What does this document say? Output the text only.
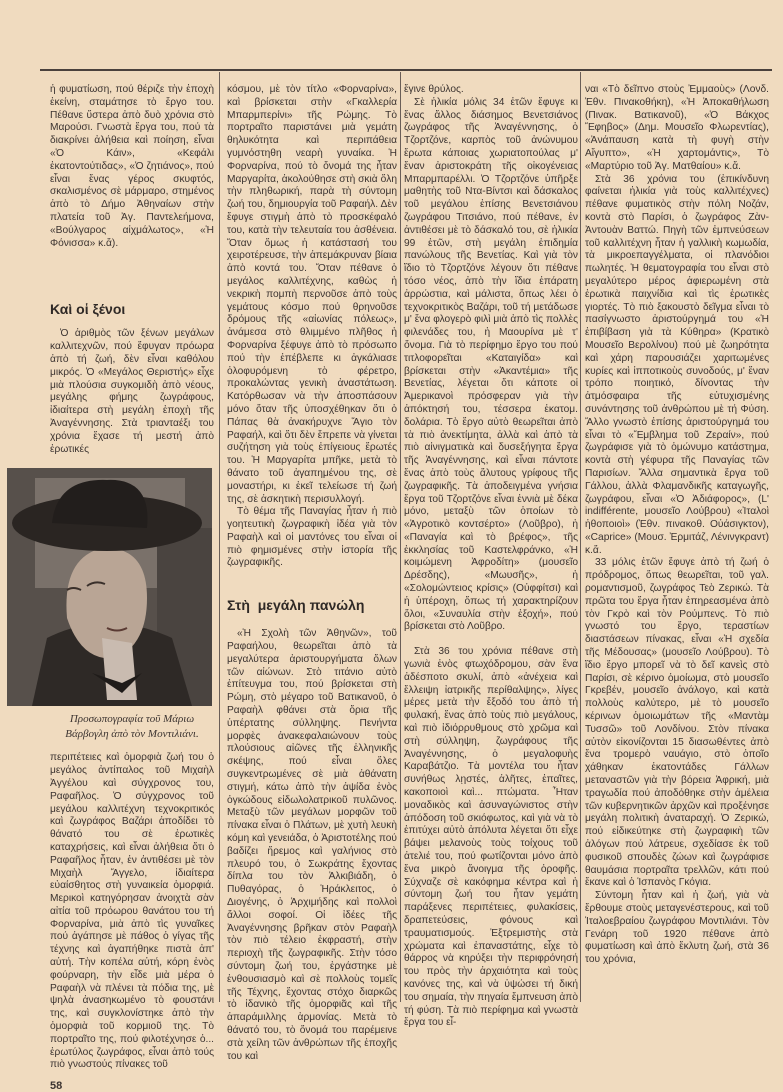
ἡ φυματίωση, πού θέριζε τὴν ἐποχὴ ἐκείνη, σταμάτησε τὸ ἔργο του. Πέθανε ὕστερα ἀπὸ δυὸ χρόνια στὸ Μαρούσι. Γνωστὰ ἔργα του, πού τὰ διακρίνει ἀλήθεια καὶ ποίηση, εἶναι «Ὁ Κάιν», «Κεφάλι ἑκατοντούτιδας», «Ὁ ζητιάνος», πού εἶναι ἕνας γέρος σκυφτός, σκαλισμένος σὲ μάρμαρο, στημένος ἀπὸ τὸ Δήμο Ἀθηναίων στὴν πλατεία τοῦ Ἀγ. Παντελεήμονα, «Βούλγαρος αἰχμάλωτος», «Ἡ Φόνισσα» κ.ἄ).

Καὶ οἱ ξένοι

Ὁ ἀριθμὸς τῶν ξένων μεγάλων καλλιτεχνῶν, πού ἔφυγαν πρόωρα ἀπὸ τή ζωή, δὲν εἶναι καθόλου μικρός. Ὁ «Μεγάλος Θεριστής» εἶχε μιὰ πλούσια συγκομιδὴ ἀπὸ νέους, μεγάλης φήμης ζωγράφους, ἰδιαίτερα στὴ μεγάλη ἐποχὴ τῆς Ἀναγέννησης. Στὰ τριανταέξι του χρόνια ἔχασε τή μεστή ἀπὸ ἐρωτικές

Προσωπογραφία τοῦ Μάριω Βάρβογλη ἀπὸ τὸν Μοντιλιάνι.

περιπέτειες καὶ ὀμορφιὰ ζωή του ὁ μεγάλος ἀντίπαλος τοῦ Μιχαὴλ Ἀγγέλου καὶ σύγχρονος του, Ραφαῆλος. Ὁ σύγχρονος τοῦ μεγάλου καλλιτέχνη τεχνοκριτικός καὶ ζωγράφος Βαζάρι ἀποδίδει τὸ θάνατό του σὲ ἐρωτικὲς καταχρήσεις, καὶ εἶναι ἀλήθεια ὅτι ὁ Ραφαῆλος ἦταν, ἐν ἀντιθέσει μὲ τὸν Μιχαὴλ Ἄγγελο, ἰδιαίτερα εὐαίσθητος στὴ γυναικεία ὀμορφιά. Μερικοὶ κατηγόρησαν ἀνοιχτὰ σὰν αἰτία τοῦ πρόωρου θανάτου του τή Φορναρίνα, μιὰ ἀπὸ τὶς γυναῖκες πού ἀγάπησε μὲ πάθος ὁ γίγας τῆς τέχνης καὶ ἀγαπήθηκε πιστὰ ἀπ' αὐτή. Τὴν κοπέλα αὐτή, κόρη ἑνὸς φούρναρη, τὴν εἶδε μιὰ μέρα ὁ Ραφαὴλ νὰ πλένει τὰ πόδια της, μὲ ψηλὰ ἀνασηκωμένο τὸ φουστάνι της, καὶ συγκλονίστηκε ἀπὸ τὴν ὀμορφιὰ τοῦ κορμιοῦ της. Τὸ πορτραῖτο της, πού φιλοτέχνησε ὁ... ἐρωτύλος ζωγράφος, εἶναι ἀπὸ τούς πιὸ γνωστούς πίνακες τοῦ

58

κόσμου, μὲ τὸν τίτλο «Φορναρίνα», καὶ βρίσκεται στὴν «Γκαλλερία Μπαρμπερίνι» τῆς Ρώμης. Τὸ πορτραῖτο παριστάνει μιὰ γεμάτη θηλυκότητα καὶ περιπάθεια γυμνόστηθη νεαρὴ γυναίκα. Ἡ Φορναρίνα, πού τὸ ὄνομά της ἦταν Μαργαρίτα, ἀκολούθησε στὴ σκιὰ ὅλη τὴν πληθωρική, παρὰ τὴ σύντομη ζωή του, δημιουργία τοῦ Ραφαήλ. Δὲν ἔφυγε στιγμὴ ἀπὸ τὸ προσκέφαλό του, κατὰ τὴν τελευταία του ἀσθένεια. Ὅταν ὅμως ἡ κατάστασή του χειροτέρευσε, τὴν ἀπεμάκρυναν βίαια ἀπὸ κοντά του. Ὅταν πέθανε ὁ μεγάλος καλλιτέχνης, καθὼς ἡ νεκρικὴ πομπὴ περνοῦσε ἀπὸ τοὺς γεμάτους κόσμο πού θρηνοῦσε δρόμους τῆς «αἰωνίας πόλεως», ἀνάμεσα στὸ θλιμμένο πλῆθος ἡ Φορναρίνα ξέφυγε ἀπὸ τὸ πρόσωπο πού τὴν ἐπέβλεπε κι ἀγκάλιασε ὀλοφυρόμενη τὸ φέρετρο, προκαλώντας γενικὴ ἀναστάτωση. Κατόρθωσαν νὰ τὴν ἀποσπάσουν μόνο ὅταν τῆς ὑποσχέθηκαν ὅτι ὁ Πάπας θὰ ἀνακήρυχνε Ἅγιο τὸν Ραφαήλ, καὶ ὅτι δὲν ἔπρεπε νὰ γίνεται συζήτηση γιὰ τοὺς ἐπίγειους ἔρωτές του. Ἡ Μαργαρίτα μπῆκε, μετὰ τὸ θάνατο τοῦ ἀγαπημένου της, σὲ μοναστήρι, κι ἐκεῖ τελείωσε τή ζωή της, σὲ ἀσκητικὴ περισυλλογή.

Τὸ θέμα τῆς Παναγίας ἦταν ἡ πιὸ γοητευτικὴ ζωγραφικὴ ἰδέα γιὰ τὸν Ραφαὴλ καὶ οἱ μαντόνες του εἶναι οἱ πιὸ φημισμένες στὴν ἱστορία τῆς ζωγραφικῆς.

Στὴ  μεγάλη πανώλη

«Ἡ Σχολὴ τῶν Ἀθηνῶν», τοῦ Ραφαήλου, θεωρεῖται ἀπὸ τὰ μεγαλύτερα ἀριστουργήματα ὅλων τῶν αἰώνων. Στὸ τιτάνιο αὐτὸ ἐπίτευγμα του, πού βρίσκεται στὴ Ρώμη, στὸ μέγαρο τοῦ Βατικανοῦ, ὁ Ραφαὴλ φθάνει στὰ ὅρια τῆς ὑπέρτατης σύλληψης. Πενήντα μορφὲς ἀνακεφαλαιώνουν τοὺς πλούσιους αἰῶνες τῆς ἑλληνικῆς σκέψης, πού εἶναι ὅλες συγκεντρωμένες σὲ μιὰ ἀθάνατη στιγμή, κάτω ἀπὸ τὴν ἀψίδα ἑνὸς ὀγκώδους εἰδωλολατρικοῦ πυλῶνος. Μεταξὺ τῶν μεγάλων μορφῶν τοῦ πίνακα εἶναι ὁ Πλάτων, μὲ χυτὴ λευκὴ κόμη καὶ γενειάδα, ὁ Ἀριστοτέλης πού βαδίζει ἤρεμος καὶ γαλήνιος στὸ πλευρό του, ὁ Σωκράτης ἔχοντας δίπλα του τὸν Ἀλκιβιάδη, ὁ Πυθαγόρας, ὁ Ἡράκλειτος, ὁ Διογένης, ὁ Ἀρχιμήδης καὶ πολλοὶ ἄλλοι σοφοί. Οἱ ἰδέες τῆς Ἀναγέννησης βρῆκαν στὸν Ραφαὴλ τὸν πιὸ τέλειο ἐκφραστή, στὴν περιοχὴ τῆς ζωγραφικῆς. Στὴν τόσο σύντομη ζωή του, ἐργάστηκε μὲ ἐνθουσιασμὸ καὶ σὲ πολλοὺς τομεῖς τῆς Τέχνης, ἔχοντας στόχο διαρκῶς τὸ ἰδανικὸ τῆς ὀμορφιᾶς καὶ τῆς ἀπαράμιλλης ἁρμονίας. Μετὰ τὸ θάνατό του, τὸ ὄνομά του παρέμεινε στὰ χείλη τῶν ἀνθρώπων τῆς ἐποχῆς του καὶ

ἔγινε θρύλος.

Σὲ ἡλικία μόλις 34 ἐτῶν ἔφυγε κι ἕνας ἄλλος διάσημος Βενετσιάνος ζωγράφος τῆς Ἀναγέννησης, ὁ Τζορτζόνε, καρπὸς τοῦ ἀνώνυμου ἔρωτα κάποιας χωριατοπούλας μ' ἕναν ἀριστοκράτη τῆς οἰκογένειας Μπαρμπαρέλλι. Ὁ Τζορτζόνε ὑπῆρξε μαθητὴς τοῦ Ντα-Βίντσι καὶ δάσκαλος τοῦ μεγάλου ἐπίσης Βενετσιάνου ζωγράφου Τιτσιάνο, πού πέθανε, ἐν ἀντιθέσει μὲ τὸ δάσκαλό του, σὲ ἡλικία 99 ἐτῶν, στὴ μεγάλη ἐπιδημία πανώλους τῆς Βενετίας. Καὶ γιὰ τὸν ἴδιο τὸ Τζορτζόνε λέγουν ὅτι πέθανε τόσο νέος, ἀπὸ τὴν ἴδια ἐπάρατη ἀρρώστια, καὶ μάλιστα, ὅπως λέει ὁ τεχνοκριτικὸς Βαζάρι, τοῦ τή μετάδωσε μ' ἕνα φλογερὸ φιλὶ μιὰ ἀπὸ τὶς πολλὲς φιλενάδες του, ἡ Μαουρίνα μὲ τ' ὄνομα. Γιὰ τὸ περίφημο ἔργο του πού τιτλοφορεῖται «Καταιγίδα» καὶ βρίσκεται στὴν «Ἀκαντέμια» τῆς Βενετίας, λέγεται ὅτι κάποτε οἱ Ἀμερικανοὶ πρόσφεραν γιὰ τὴν ἀπόκτησή του, τέσσερα ἑκατομ. δολάρια. Τὸ ἔργο αὐτὸ θεωρεῖται ἀπὸ τὰ πιὸ ἀνεκτίμητα, ἀλλὰ καὶ ἀπὸ τὰ πιὸ αἰνιγματικὰ καὶ δυσεξήγητα ἔργα τῆς Ἀναγέννησης, καὶ εἶναι πάντοτε ἕνας ἀπὸ τοὺς ἄλυτους γρίφους τῆς ζωγραφικῆς. Τὰ ἀποδειγμένα γνήσια ἔργα τοῦ Τζορτζόνε εἶναι ἐννιὰ μὲ δέκα μόνο, μεταξὺ τῶν ὁποίων τὸ «Ἀγροτικὸ κοντσέρτο» (Λοῦβρο), ἡ «Παναγία καὶ τὸ βρέφος», τῆς ἐκκλησίας τοῦ Καστελφράνκο, «Ἡ κοιμώμενη Ἀφροδίτη» (μουσεῖο Δρέσδης), «Μωυσῆς», ἡ «Σολομώντειος κρίσις» (Οὐφφίτσι) καὶ ἡ ὑπέροχη, ὅπως τή χαρακτηρίζουν ὅλοι, «Συναυλία στὴν ἐξοχή», πού βρίσκεται στὸ Λοῦβρο.

Στὰ 36 του χρόνια πέθανε στὴ γωνιὰ ἑνὸς φτωχόδρομου, σὰν ἕνα ἀδέσποτο σκυλί, ἀπὸ «ἀνέχεια καὶ ἔλλειψη ἰατρικῆς περίθαλψης», λίγες μέρες μετὰ τὴν ἔξοδό του ἀπὸ τή φυλακή, ἕνας ἀπὸ τοὺς πιὸ μεγάλους, καὶ πιὸ ἰδιόρρυθμους στὸ χρῶμα καὶ στὴ σύλληψη, ζωγράφους τῆς Ἀναγέννησης, ὁ μεγαλοφυὴς Καραβάτζιο. Τὰ μοντέλα του ἦταν συνήθως λῃστές, ἀλῆτες, ἐπαῖτες, κακοποιοὶ καὶ... πτώματα. Ἦταν μοναδικὸς καὶ ἀσυναγώνιστος στὴν ἀπόδοση τοῦ σκιόφωτος, καὶ γιὰ νὰ τὸ ἐπιτύχει αὐτὸ ἀπόλυτα λέγεται ὅτι εἶχε βάψει μελανοὺς τοὺς τοίχους τοῦ ἀτελιέ του, πού φωτίζονται μόνο ἀπὸ ἕνα μικρὸ ἄνοιγμα τῆς ὀροφῆς. Σύχναζε σὲ κακόφημα κέντρα καὶ ἡ σύντομη ζωή του ἦταν γεμάτη παράξενες περιπέτειες, φυλακίσεις, δραπετεύσεις, φόνους καὶ τραυματισμούς. Ἐξτρεμιστὴς στὰ χρώματα καὶ ἐπαναστάτης, εἶχε τὸ θάρρος νὰ κηρύξει τὴν περιφρόνησή του πρὸς τὴν ἀρχαιότητα καὶ τοὺς κανόνες της, καὶ νὰ ὑψώσει τή δική του σημαία, τὴν πηγαία ἔμπνευση ἀπὸ τή φύση. Τὰ πιὸ περίφημα καὶ γνωστὰ ἔργα του εἶ-

ναι «Τὸ δεῖπνο στοὺς Ἐμμαοὺς» (Λονδ. Ἐθν. Πινακοθήκη), «Ἡ Ἀποκαθήλωση (Πινακ. Βατικανοῦ), «Ὁ Βάκχος Ἔφηβος» (Δημ. Μουσεῖο Φλωρεντίας), «Ἀνάπαυση κατὰ τὴ φυγὴ στὴν Αἴγυπτο», «Ἡ χαρτομάντις», Τὸ «Μαρτύριο τοῦ Ἀγ. Ματθαίου» κ.ἄ.

Στὰ 36 χρόνια του (ἐπικίνδυνη φαίνεται ἡλικία γιὰ τοὺς καλλιτέχνες) πέθανε φυματικὸς στὴν πόλη Νοζάν, κοντὰ στὸ Παρίσι, ὁ ζωγράφος Ζὰν-Ἀντουὰν Βαττώ. Πηγὴ τῶν ἐμπνεύσεων τοῦ καλλιτέχνη ἦταν ἡ γαλλικὴ κωμωδία, τὰ μικροεπαγγέλματα, οἱ πλανόδιοι πωλητές. Ἡ θεματογραφία του εἶναι στὸ μεγαλύτερο μέρος ἀφιερωμένη στὰ ἐρωτικὰ παιχνίδια καὶ τὶς ἐρωτικὲς γιορτές. Τὸ πιὸ ξακουστὸ δεῖγμα εἶναι τὸ πασίγνωστο ἀριστούργημά του «Ἡ ἐπιβίβαση γιὰ τὰ Κύθηρα» (Κρατικὸ Μουσεῖο Βερολίνου) πού μὲ ζωηρότητα καὶ χάρη παρουσιάζει χαριτωμένες κυρίες καὶ ἱπποτικοὺς συνοδούς, μ' ἕναν τρόπο ποιητικό, δίνοντας τὴν ἀτμόσφαιρα τῆς εὐτυχισμένης συνάντησης τοῦ ἀνθρώπου μὲ τή Φύση. Ἄλλο γνωστὸ ἐπίσης ἀριστούργημά του εἶναι τὸ «Ἔμβλημα τοῦ Ζεραίν», πού ζωγράφισε γιὰ τὸ ὁμώνυμο κατάστημα, κοντὰ στὴ γέφυρα τῆς Παναγίας τῶν Παρισίων. Ἄλλα σημαντικὰ ἔργα τοῦ Γάλλου, ἀλλὰ Φλαμανδικῆς καταγωγῆς, ζωγράφου, εἶναι «Ὁ Ἀδιάφορος», (L' indifférente, μουσεῖο Λούβρου) «Ἰταλοὶ ἠθοποιοὶ» (Ἐθν. πινακοθ. Οὐάσιγκτον), «Caprice» (Μουσ. Ἐρμιτάζ, Λένινγκραντ) κ.ἄ.

33 μόλις ἐτῶν ἔφυγε ἀπὸ τή ζωή ὁ πρόδρομος, ὅπως θεωρεῖται, τοῦ γαλ. ρομαντισμοῦ, ζωγράφος Τεὸ Ζερικώ. Τὰ πρῶτα του ἔργα ἦταν ἐπηρεασμένα ἀπὸ τὸν Γκρὸ καὶ τὸν Ρούμπενς. Τὸ πιὸ γνωστό του ἔργο, τεραστίων διαστάσεων πίνακας, εἶναι «Ἡ σχεδία τῆς Μέδουσας» (μουσεῖο Λούβρου). Τὸ ἴδιο ἔργο μπορεῖ νὰ τὸ δεῖ κανεὶς στὸ Παρίσι, σὲ κέρινο ὁμοίωμα, στὸ μουσεῖο Γκρεβέν, μουσεῖο ἀνάλογο, καὶ κατὰ πολλοὺς καλύτερο, μὲ τὸ μουσεῖο κέρινων ὁμοιωμάτων τῆς «Μαντὰμ Τυσσῶ» τοῦ Λονδίνου. Στὸν πίνακα αὐτὸν εἰκονίζονται 15 διασωθέντες ἀπὸ ἕνα τρομερὸ ναυάγιο, στὸ ὁποῖο χάθηκαν ἑκατοντάδες Γάλλων μεταναστῶν γιὰ τὴν βόρεια Ἀφρική, μιὰ τραγωδία πού ἀποδόθηκε στὴν ἀμέλεια τῶν κυβερνητικῶν ἀρχῶν καὶ προξένησε μεγάλη πολιτικὴ ἀναταραχή. Ὁ Ζερικώ, πού εἰδικεύτηκε στὴ ζωγραφικὴ τῶν ἀλόγων πού λάτρευε, σχεδίασε ἐκ τοῦ φυσικοῦ σπουδὲς ζώων καὶ ζωγράφισε θαυμάσια πορτραῖτα τρελλῶν, κάτι πού ἔκανε καὶ ὁ Ἱσπανὸς Γκόγια.

Σύντομη ἦταν καὶ ἡ ζωή, γιὰ νὰ ἔρθουμε στοὺς μεταγενέστερους, καὶ τοῦ Ἰταλοεβραίου ζωγράφου Μοντιλιάνι. Τὸν Γενάρη τοῦ 1920 πέθανε ἀπὸ φυματίωση καὶ ἀπὸ ἔκλυτη ζωή, στὰ 36 του χρόνια,
